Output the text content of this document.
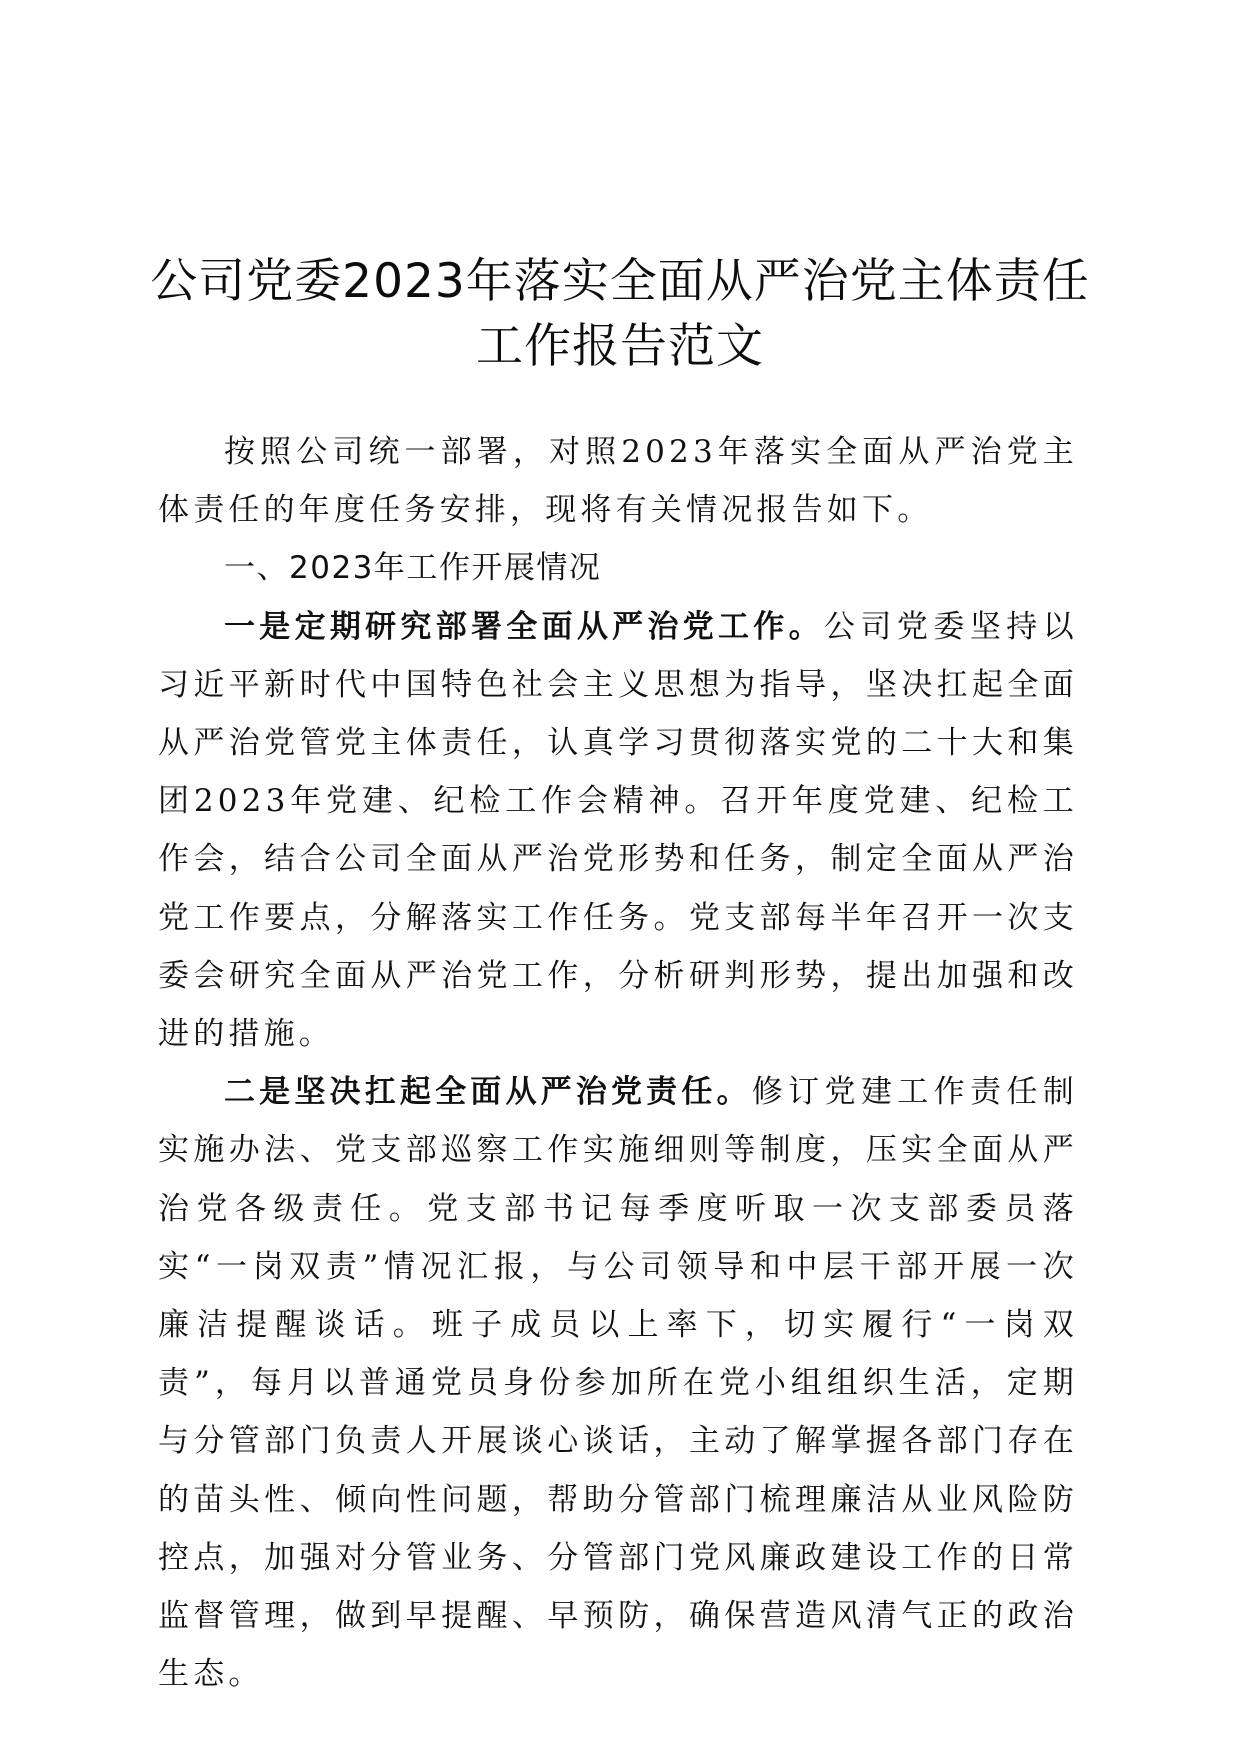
公司党委2023年落实全面从严治党主体责任
工作报告范文

按照公司统一部署，对照2023年落实全面从严治党主体责任的年度任务安排，现将有关情况报告如下。

一、2023年工作开展情况

一是定期研究部署全面从严治党工作。公司党委坚持以习近平新时代中国特色社会主义思想为指导，坚决扛起全面从严治党管党主体责任，认真学习贯彻落实党的二十大和集团2023年党建、纪检工作会精神。召开年度党建、纪检工作会，结合公司全面从严治党形势和任务，制定全面从严治党工作要点，分解落实工作任务。党支部每半年召开一次支委会研究全面从严治党工作，分析研判形势，提出加强和改进的措施。

二是坚决扛起全面从严治党责任。修订党建工作责任制实施办法、党支部巡察工作实施细则等制度，压实全面从严治党各级责任。党支部书记每季度听取一次支部委员落实“一岗双责”情况汇报，与公司领导和中层干部开展一次廉洁提醒谈话。班子成员以上率下，切实履行“一岗双责”，每月以普通党员身份参加所在党小组组织生活，定期与分管部门负责人开展谈心谈话，主动了解掌握各部门存在的苗头性、倾向性问题，帮助分管部门梳理廉洁从业风险防控点，加强对分管业务、分管部门党风廉政建设工作的日常监督管理，做到早提醒、早预防，确保营造风清气正的政治生态。
